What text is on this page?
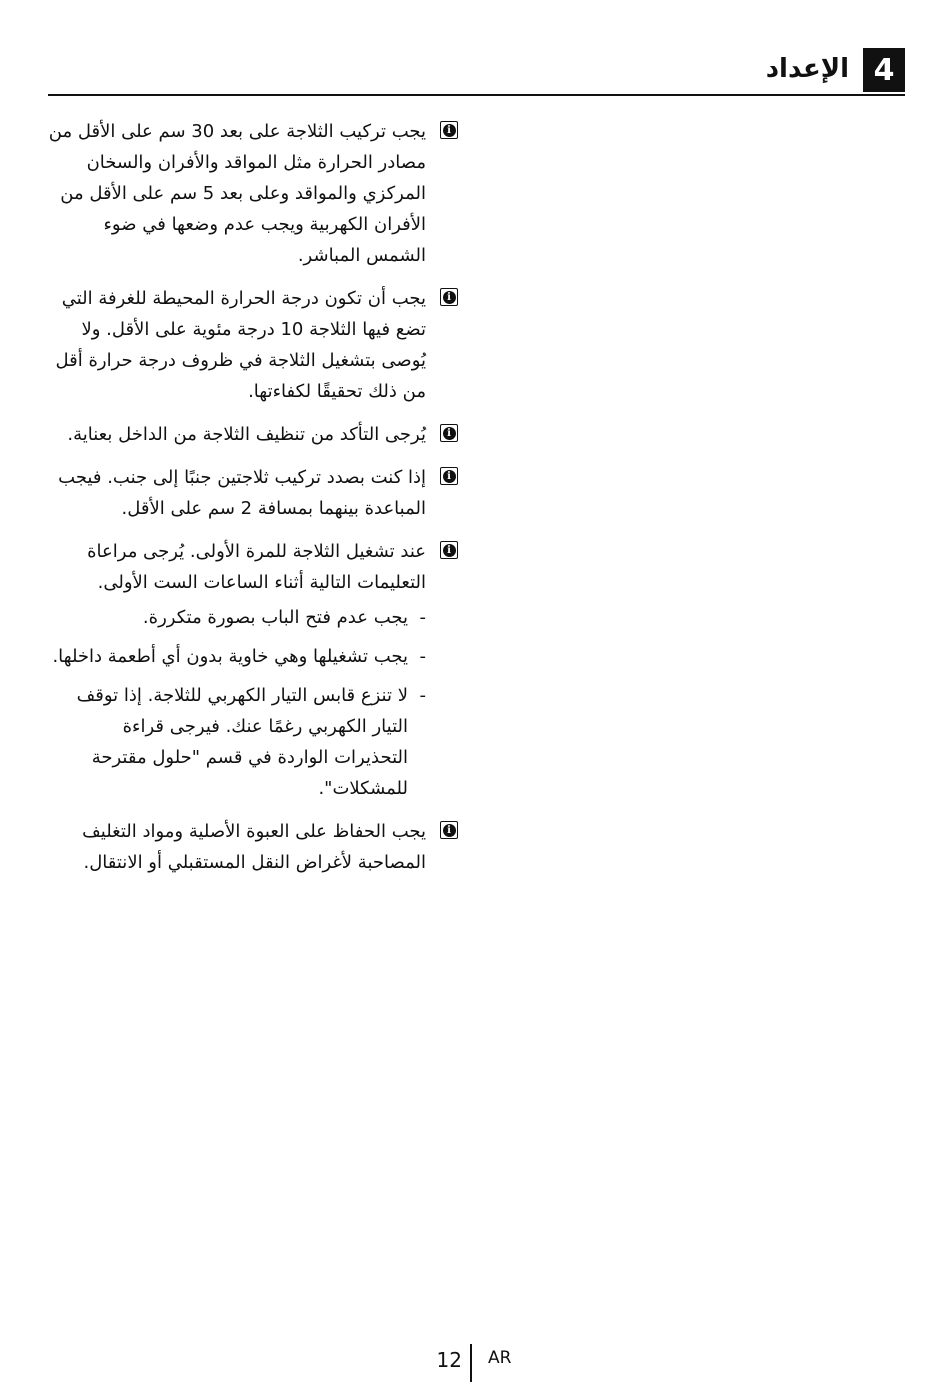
4
الإعداد
i
يجب تركيب الثلاجة على بعد 30 سم على الأقل من مصادر الحرارة مثل المواقد والأفران والسخان المركزي والمواقد وعلى بعد 5 سم على الأقل من الأفران الكهربية ويجب عدم وضعها في ضوء الشمس المباشر.
i
يجب أن تكون درجة الحرارة المحيطة للغرفة التي تضع فيها الثلاجة 10 درجة مئوية على الأقل. ولا يُوصى بتشغيل الثلاجة في ظروف درجة حرارة أقل من ذلك تحقيقًا لكفاءتها.
i
يُرجى التأكد من تنظيف الثلاجة من الداخل بعناية.
i
إذا كنت بصدد تركيب ثلاجتين جنبًا إلى جنب. فيجب المباعدة بينهما بمسافة 2 سم على الأقل.
i
عند تشغيل الثلاجة للمرة الأولى. يُرجى مراعاة التعليمات التالية أثناء الساعات الست الأولى.
- يجب عدم فتح الباب بصورة متكررة.
- يجب تشغيلها وهي خاوية بدون أي أطعمة داخلها.
- لا تنزع قابس التيار الكهربي للثلاجة. إذا توقف التيار الكهربي رغمًا عنك. فيرجى قراءة التحذيرات الواردة في قسم "حلول مقترحة للمشكلات".
i
يجب الحفاظ على العبوة الأصلية ومواد التغليف المصاحبة لأغراض النقل المستقبلي أو الانتقال.
12 AR
